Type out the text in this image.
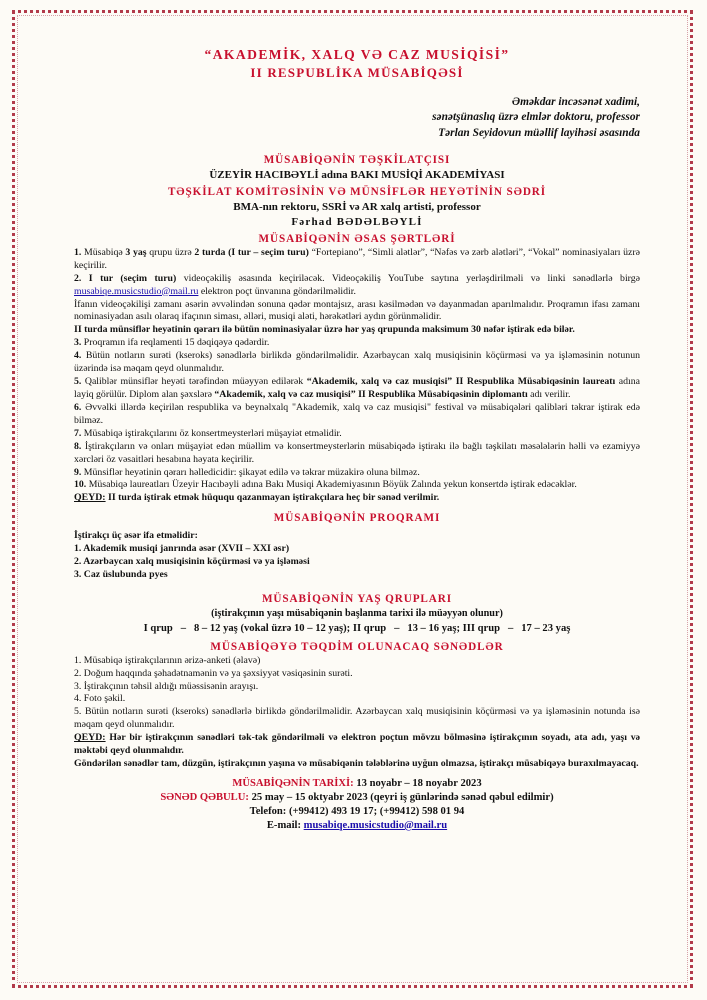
“AKADEMİK, XALQ VƏ CAZ MUSİQİSİ”
II RESPUBLİKA MÜSABİQƏSİ
Əməkdar incəsənət xadimi,
sənətşünaslıq üzrə elmlər doktoru, professor
Tərlan Seyidovun müəllif layihəsi əsasında
MÜSABİQƏNİN TƏŞKİLATÇISI
ÜZEYİR HACIBƏYLİ adına BAKI MUSİQİ AKADEMİYASI
TƏŞKİLAT KOMİTƏSİNİN VƏ MÜNSİFLƏR HEYƏTİNİN SƏDRİ
BMA-nın rektoru, SSRİ və AR xalq artisti, professor
Fərhad BƏDƏLBƏYLİ
MÜSABİQƏNİN ƏSAS ŞƏRTLƏRİ

1. Müsabiqə 3 yaş qrupu üzrə 2 turda (I tur – seçim turu) “Fortepiano”, “Simli alətlər”, “Nəfəs və zərb alətləri”, “Vokal” nominasiyaları üzrə keçirilir.

2. I tur (seçim turu) videoçəkiliş əsasında keçiriləcək. Videoçəkiliş YouTube saytına yerləşdirilməli və linki sənədlərlə birgə musabiqe.musicstudio@mail.ru elektron poçt ünvanına göndərilməlidir.

İfanın videoçəkilişi zamanı əsərin əvvəlindən sonuna qədər montajsız, arası kəsilmədən və dayanmadan aparılmalıdır. Proqramın ifası zamanı nominasiyadan asılı olaraq ifaçının siması, əlləri, musiqi aləti, hərəkətləri aydın görünməlidir.

II turda münsiflər heyətinin qərarı ilə bütün nominasiyalar üzrə hər yaş qrupunda maksimum 30 nəfər iştirak edə bilər.

3. Proqramın ifa reqlamenti 15 dəqiqəyə qədərdir.

4. Bütün notların surəti (kseroks) sənədlərlə birlikdə göndərilməlidir. Azərbaycan xalq musiqisinin köçürməsi və ya işləməsinin notunun üzərində isə məqam qeyd olunmalıdır.

5. Qaliblər münsiflər heyəti tərəfindən müəyyən edilərək “Akademik, xalq və caz musiqisi” II Respublika Müsabiqəsinin laureatı adına layiq görülür. Diplom alan şəxslərə “Akademik, xalq və caz musiqisi” II Respublika Müsabiqəsinin diplomantı adı verilir.

6. Əvvəlki illərdə keçirilən respublika və beynəlxalq "Akademik, xalq və caz musiqisi" festival və müsabiqələri qalibləri təkrar iştirak edə bilməz.

7. Müsabiqə iştirakçılarını öz konsertmeysterləri müşayiət etməlidir.

8. İştirakçıların və onları müşayiət edən müəllim və konsertmeysterlərin müsabiqədə iştirakı ilə bağlı təşkilatı məsələlərin həlli və ezamiyyə xərcləri öz vəsaitləri hesabına həyata keçirilir.

9. Münsiflər heyətinin qərarı həlledicidir: şikayət edilə və təkrar müzakirə oluna bilməz.

10. Müsabiqə laureatları Üzeyir Hacıbəyli adına Bakı Musiqi Akademiyasının Böyük Zalında yekun konsertdə iştirak edəcəklər.

QEYD: II turda iştirak etmək hüququ qazanmayan iştirakçılara heç bir sənəd verilmir.

MÜSABİQƏNİN PROQRAMI

İştirakçı üç əsər ifa etməlidir:

1. Akademik musiqi janrında əsər (XVII – XXI əsr)

2. Azərbaycan xalq musiqisinin köçürməsi və ya işləməsi

3. Caz üslubunda pyes

MÜSABİQƏNİN YAŞ QRUPLARI
(iştirakçının yaşı müsabiqənin başlanma tarixi ilə müəyyən olunur)
I qrup   –   8 – 12 yaş (vokal üzrə 10 – 12 yaş); II qrup   –   13 – 16 yaş; III qrup   –   17 – 23 yaş
MÜSABİQƏYƏ TƏQDİM OLUNACAQ SƏNƏDLƏR

1. Müsabiqə iştirakçılarının ərizə-anketi (əlavə)

2. Doğum haqqında şəhadətnamənin və ya şəxsiyyət vəsiqəsinin surəti.

3. İştirakçının təhsil aldığı müəssisənin arayışı.

4. Foto şəkil.

5. Bütün notların surəti (kseroks) sənədlərlə birlikdə göndərilməlidir. Azərbaycan xalq musiqisinin köçürməsi və ya işləməsinin notunda isə məqam qeyd olunmalıdır.

QEYD: Hər bir iştirakçının sənədləri tək-tək göndərilməli və elektron poçtun mövzu bölməsinə iştirakçının soyadı, ata adı, yaşı və məktəbi qeyd olunmalıdır.

Göndərilən sənədlər tam, düzgün, iştirakçının yaşına və müsabiqənin tələblərinə uyğun olmazsa, iştirakçı müsabiqəyə buraxılmayacaq.

MÜSABİQƏNİN TARİXİ: 13 noyabr – 18 noyabr 2023
SƏNƏD QƏBULU: 25 may – 15 oktyabr 2023 (qeyri iş günlərində sənəd qəbul edilmir)
Telefon: (+99412) 493 19 17; (+99412) 598 01 94
E-mail: musabiqe.musicstudio@mail.ru
